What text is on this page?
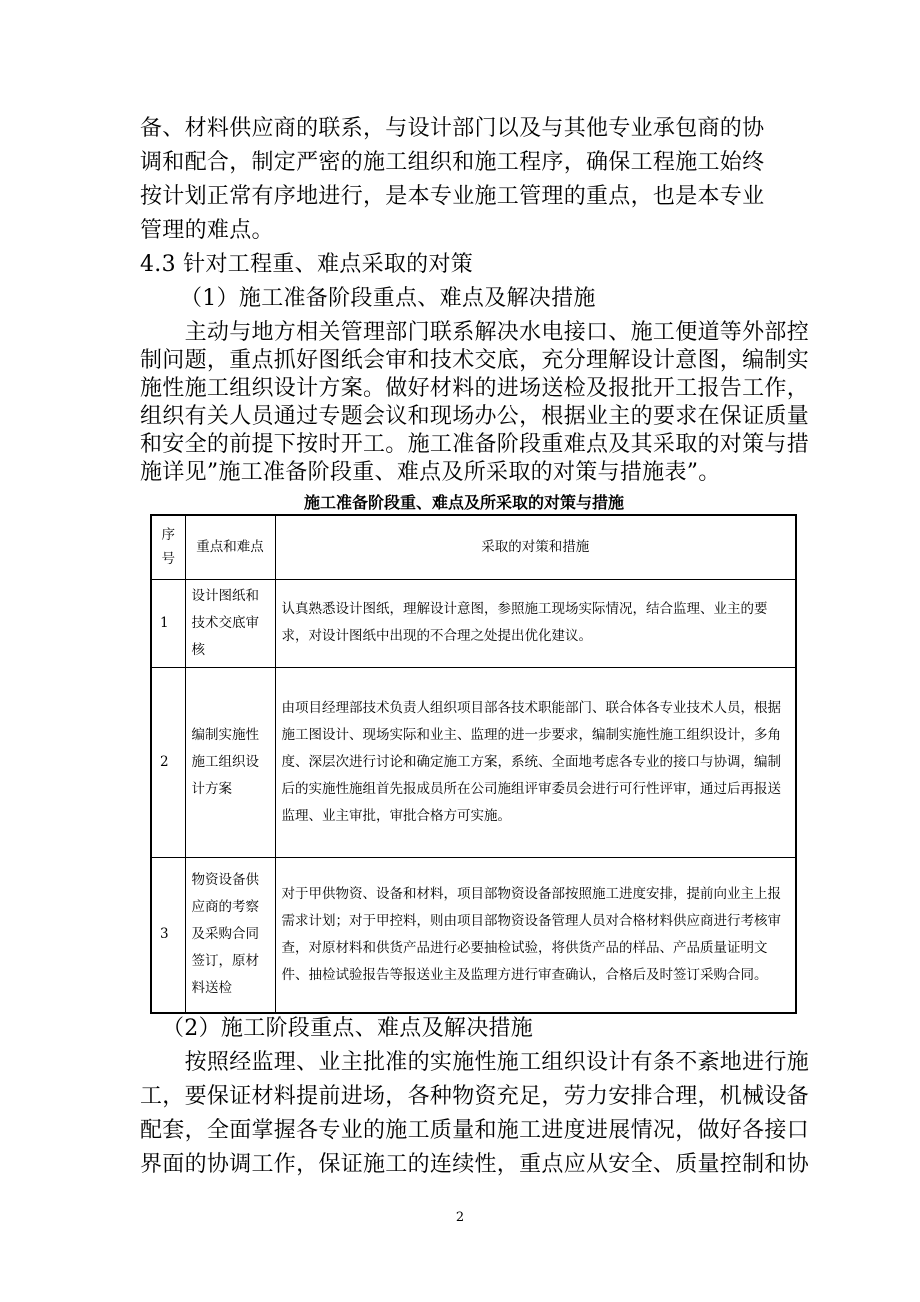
备、材料供应商的联系，与设计部门以及与其他专业承包商的协
调和配合，制定严密的施工组织和施工程序，确保工程施工始终
按计划正常有序地进行，是本专业施工管理的重点，也是本专业
管理的难点。
4.3 针对工程重、难点采取的对策
（1）施工准备阶段重点、难点及解决措施
　　主动与地方相关管理部门联系解决水电接口、施工便道等外部控
制问题，重点抓好图纸会审和技术交底，充分理解设计意图，编制实
施性施工组织设计方案。做好材料的进场送检及报批开工报告工作，
组织有关人员通过专题会议和现场办公，根据业主的要求在保证质量
和安全的前提下按时开工。施工准备阶段重难点及其采取的对策与措
施工准备阶段重、难点及所采取的对策与措施
序
号	重点和难点	采取的对策和措施
1	设计图纸和技术交底审核	认真熟悉设计图纸，理解设计意图，参照施工现场实际情况，结合监理、业主的要求，对设计图纸中出现的不合理之处提出优化建议。
2	编制实施性施工组织设计方案	由项目经理部技术负责人组织项目部各技术职能部门、联合体各专业技术人员，根据施工图设计、现场实际和业主、监理的进一步要求，编制实施性施工组织设计，多角度、深层次进行讨论和确定施工方案，系统、全面地考虑各专业的接口与协调，编制后的实施性施组首先报成员所在公司施组评审委员会进行可行性评审，通过后再报送监理、业主审批，审批合格方可实施。
3	物资设备供应商的考察及采购合同签订，原材料送检	对于甲供物资、设备和材料，项目部物资设备部按照施工进度安排，提前向业主上报需求计划；对于甲控料，则由项目部物资设备管理人员对合格材料供应商进行考核审查，对原材料和供货产品进行必要抽检试验，将供货产品的样品、产品质量证明文件、抽检试验报告等报送业主及监理方进行审查确认，合格后及时签订采购合同。
（2）施工阶段重点、难点及解决措施
　　按照经监理、业主批准的实施性施工组织设计有条不紊地进行施
工，要保证材料提前进场，各种物资充足，劳力安排合理，机械设备
配套，全面掌握各专业的施工质量和施工进度进展情况，做好各接口
界面的协调工作，保证施工的连续性，重点应从安全、质量控制和协
2
施详见”施工准备阶段重、难点及所采取的对策与措施表”。
